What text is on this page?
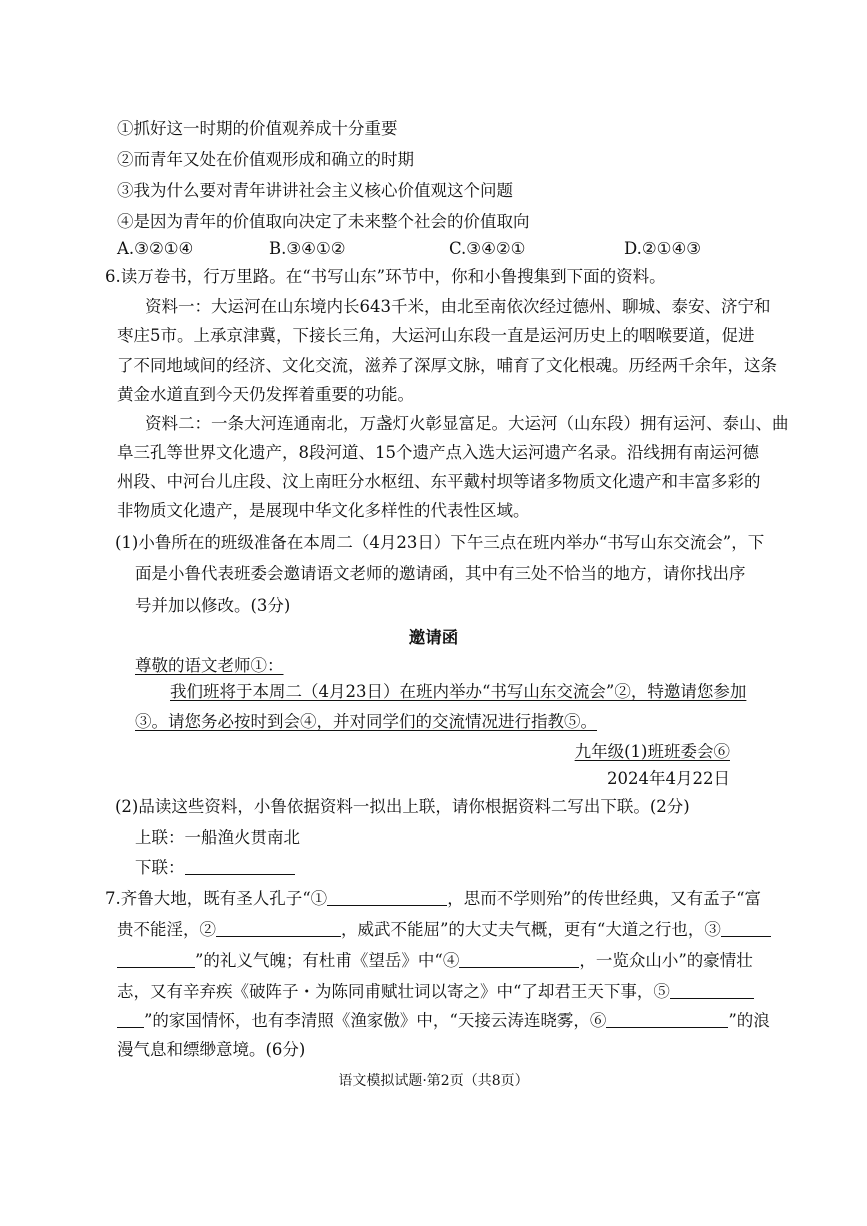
①抓好这一时期的价值观养成十分重要
②而青年又处在价值观形成和确立的时期
③我为什么要对青年讲讲社会主义核心价值观这个问题
④是因为青年的价值取向决定了未来整个社会的价值取向
A.③②①④	B.③④①②	C.③④②①	D.②①④③
6.读万卷书，行万里路。在“书写山东”环节中，你和小鲁搜集到下面的资料。
资料一：大运河在山东境内长643千米，由北至南依次经过德州、聊城、泰安、济宁和
枣庄5市。上承京津冀，下接长三角，大运河山东段一直是运河历史上的咽喉要道，促进
了不同地域间的经济、文化交流，滋养了深厚文脉，哺育了文化根魂。历经两千余年，这条
黄金水道直到今天仍发挥着重要的功能。
资料二：一条大河连通南北，万盏灯火彰显富足。大运河（山东段）拥有运河、泰山、曲
阜三孔等世界文化遗产，8段河道、15个遗产点入选大运河遗产名录。沿线拥有南运河德
州段、中河台儿庄段、汶上南旺分水枢纽、东平戴村坝等诸多物质文化遗产和丰富多彩的
非物质文化遗产，是展现中华文化多样性的代表性区域。
(1)小鲁所在的班级准备在本周二（4月23日）下午三点在班内举办“书写山东交流会”，下
面是小鲁代表班委会邀请语文老师的邀请函，其中有三处不恰当的地方，请你找出序
号并加以修改。(3分)
邀请函
尊敬的语文老师①：
我们班将于本周二（4月23日）在班内举办“书写山东交流会”②，特邀请您参加
③。请您务必按时到会④，并对同学们的交流情况进行指教⑤。
九年级(1)班班委会⑥
2024年4月22日
(2)品读这些资料，小鲁依据资料一拟出上联，请你根据资料二写出下联。(2分)
上联：一船渔火贯南北
下联：
7.齐鲁大地，既有圣人孔子“①	，思而不学则殆”的传世经典，又有孟子“富
贵不能淫，②	，威武不能屈”的大丈夫气概，更有“大道之行也，③
”的礼义气魄；有杜甫《望岳》中“④	，一览众山小”的豪情壮
志，又有辛弃疾《破阵子・为陈同甫赋壮词以寄之》中“了却君王天下事，⑤
”的家国情怀，也有李清照《渔家傲》中，“天接云涛连晓雾，⑥	”的浪
漫气息和缥缈意境。(6分)
语文模拟试题·第2页（共8页）
